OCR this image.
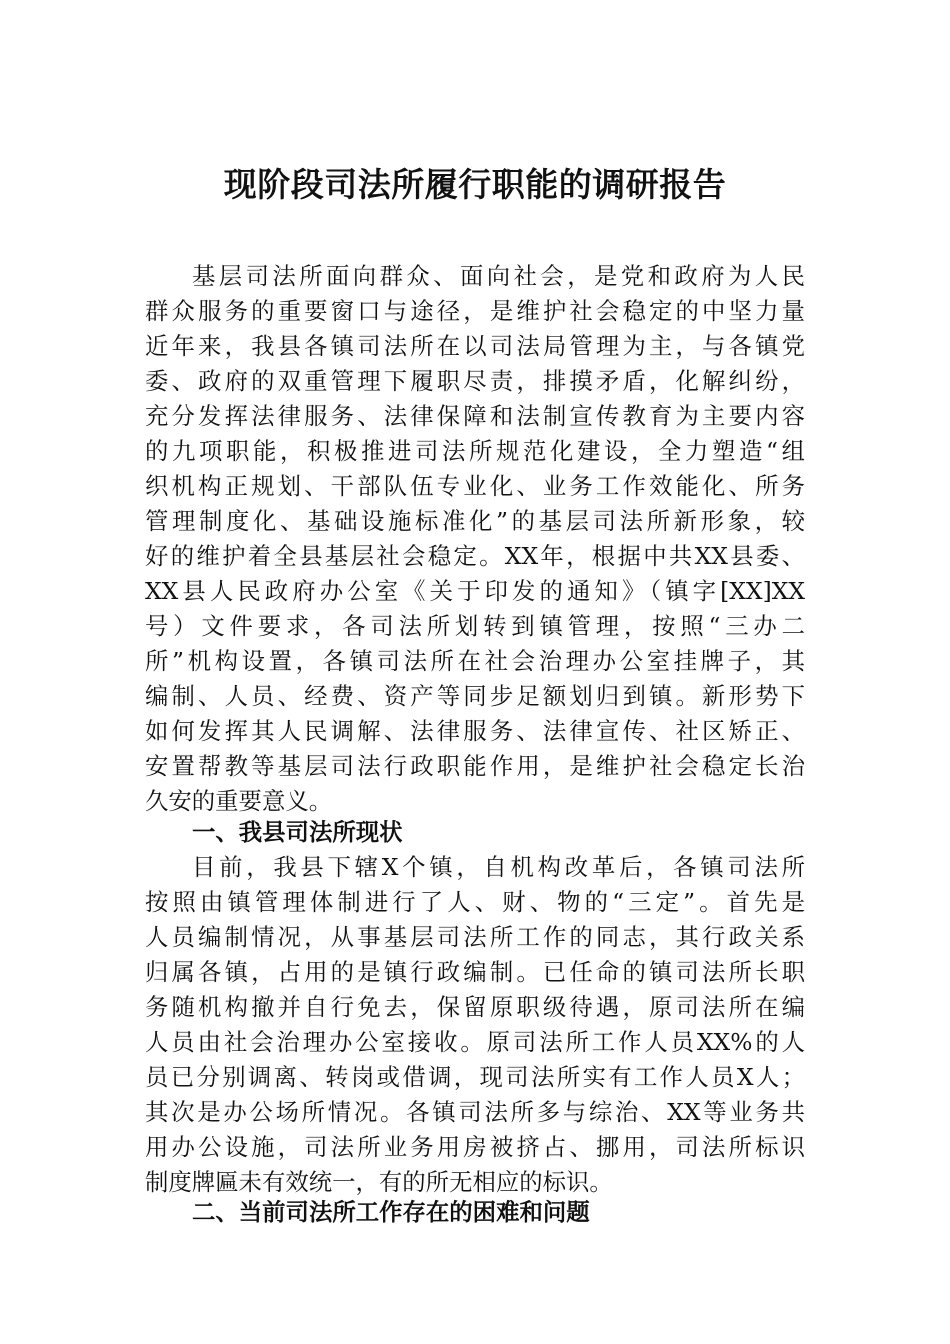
现阶段司法所履行职能的调研报告
基层司法所面向群众、面向社会，是党和政府为人民
群众服务的重要窗口与途径，是维护社会稳定的中坚力量
近年来，我县各镇司法所在以司法局管理为主，与各镇党
委、政府的双重管理下履职尽责，排摸矛盾，化解纠纷，
充分发挥法律服务、法律保障和法制宣传教育为主要内容
的九项职能，积极推进司法所规范化建设，全力塑造“组
织机构正规划、干部队伍专业化、业务工作效能化、所务
管理制度化、基础设施标准化”的基层司法所新形象，较
好的维护着全县基层社会稳定。XX年，根据中共XX县委、
XX县人民政府办公室《关于印发的通知》（镇字[XX]XX
号）文件要求，各司法所划转到镇管理，按照“三办二
所”机构设置，各镇司法所在社会治理办公室挂牌子，其
编制、人员、经费、资产等同步足额划归到镇。新形势下
如何发挥其人民调解、法律服务、法律宣传、社区矫正、
安置帮教等基层司法行政职能作用，是维护社会稳定长治
久安的重要意义。
一、我县司法所现状
目前，我县下辖X个镇，自机构改革后，各镇司法所
按照由镇管理体制进行了人、财、物的“三定”。首先是
人员编制情况，从事基层司法所工作的同志，其行政关系
归属各镇，占用的是镇行政编制。已任命的镇司法所长职
务随机构撤并自行免去，保留原职级待遇，原司法所在编
人员由社会治理办公室接收。原司法所工作人员XX%的人
员已分别调离、转岗或借调，现司法所实有工作人员X人；
其次是办公场所情况。各镇司法所多与综治、XX等业务共
用办公设施，司法所业务用房被挤占、挪用，司法所标识
制度牌匾未有效统一，有的所无相应的标识。
二、当前司法所工作存在的困难和问题
